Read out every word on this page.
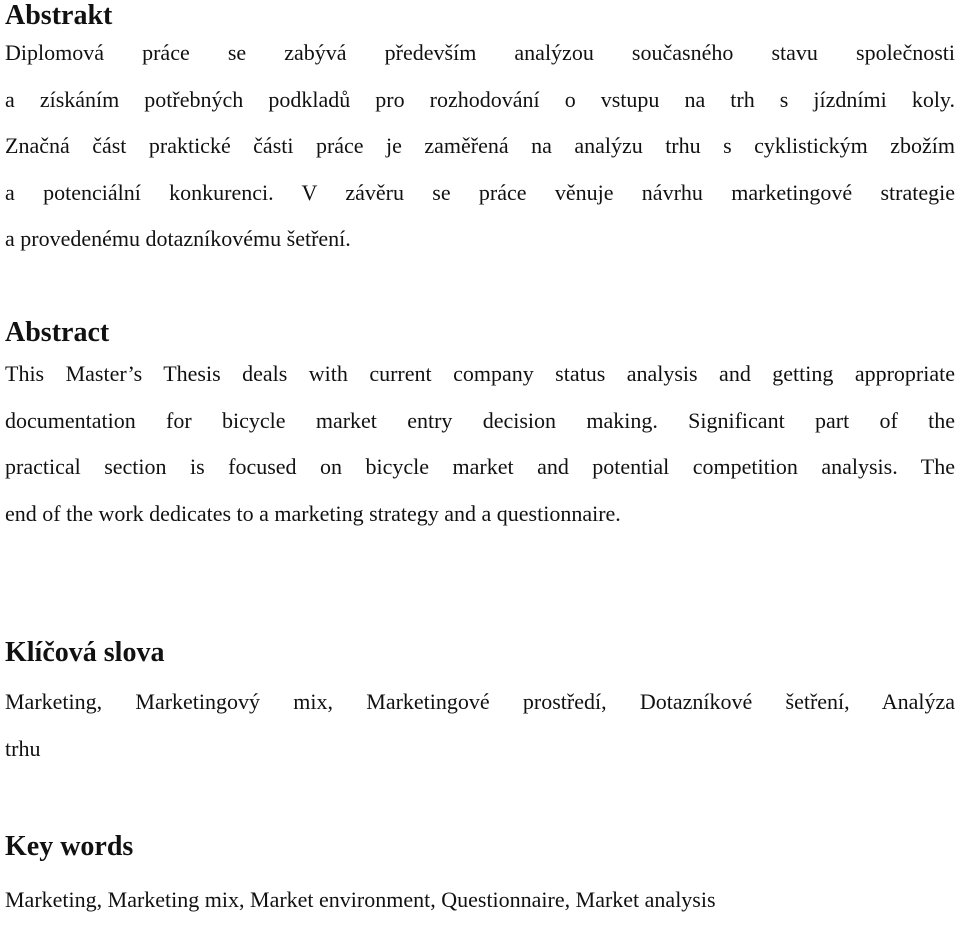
Abstrakt
Diplomová práce se zabývá především analýzou současného stavu společnosti
a získáním potřebných podkladů pro rozhodování o vstupu na trh s jízdními koly.
Značná část praktické části práce je zaměřená na analýzu trhu s cyklistickým zbožím
a potenciální konkurenci. V závěru se práce věnuje návrhu marketingové strategie
a provedenému dotazníkovému šetření.
Abstract
This Master’s Thesis deals with current company status analysis and getting appropriate
documentation for bicycle market entry decision making. Significant part of the
practical section is focused on bicycle market and potential competition analysis. The
end of the work dedicates to a marketing strategy and a questionnaire.
Klíčová slova
Marketing, Marketingový mix, Marketingové prostředí, Dotazníkové šetření, Analýza
trhu
Key words
Marketing, Marketing mix, Market environment, Questionnaire, Market analysis
